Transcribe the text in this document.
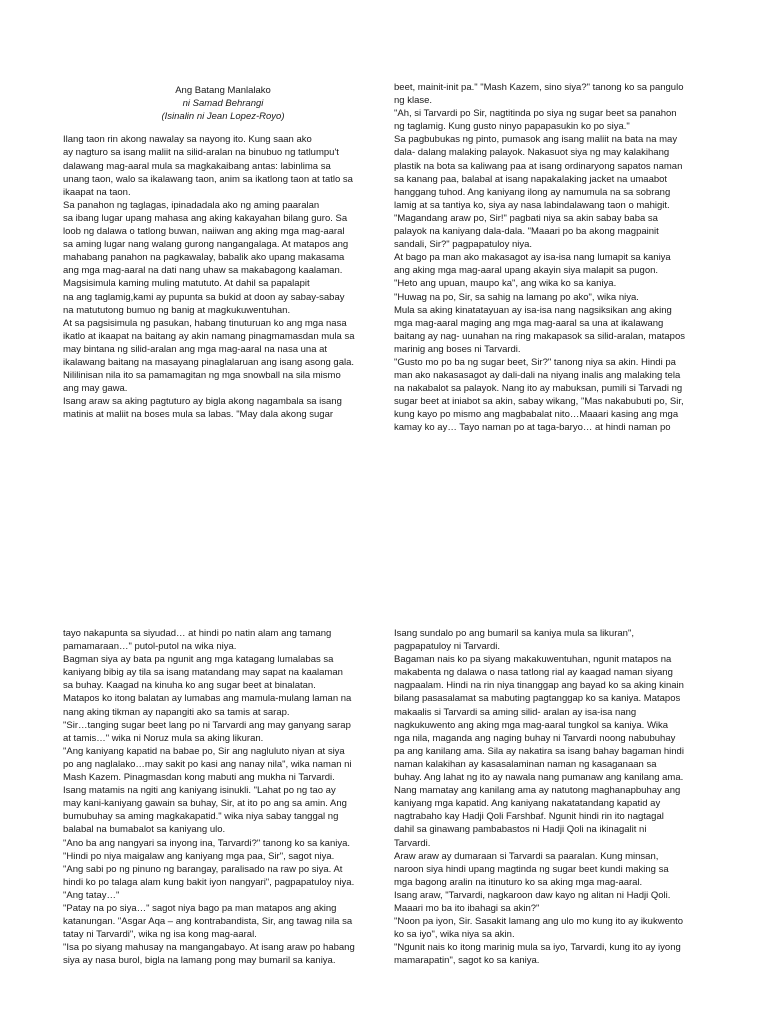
Ang Batang Manlalako
ni Samad Behrangi
(Isinalin ni Jean Lopez-Royo)

Ilang taon rin akong nawalay sa nayong ito. Kung saan ako

ay nagturo sa isang maliit na silid-aralan na binubuo ng tatlumpu't

dalawang mag-aaral mula sa magkakaibang antas: labinlima sa

unang taon, walo sa ikalawang taon, anim sa ikatlong taon at tatlo sa

ikaapat na taon.

Sa panahon ng taglagas, ipinadadala ako ng aming paaralan

sa ibang lugar upang mahasa ang aking kakayahan bilang guro. Sa

loob ng dalawa o tatlong buwan, naiiwan ang aking mga mag-aaral

sa aming lugar nang walang gurong nangangalaga. At matapos ang

mahabang panahon na pagkawalay, babalik ako upang makasama

ang mga mag-aaral na dati nang uhaw sa makabagong kaalaman.

Magsisimula kaming muling matututo. At dahil sa papalapit

na ang taglamig,kami ay pupunta sa bukid at doon ay sabay-sabay

na matututong bumuo ng banig at magkukuwentuhan.

At sa pagsisimula ng pasukan, habang tinuturuan ko ang mga nasa

ikatlo at ikaapat na baitang ay akin namang pinagmamasdan mula sa

may bintana ng silid-aralan ang mga mag-aaral na nasa una at

ikalawang baitang na masayang pinaglalaruan ang isang asong gala.

Nililinisan nila ito sa pamamagitan ng mga snowball na sila mismo

ang may gawa.

Isang araw sa aking pagtuturo ay bigla akong nagambala sa isang

matinis at maliit na boses mula sa labas. "May dala akong sugar

beet, mainit-init pa." "Mash Kazem, sino siya?" tanong ko sa pangulo

ng klase.

"Ah, si Tarvardi po Sir, nagtitinda po siya ng sugar beet sa panahon

ng taglamig. Kung gusto ninyo papapasukin ko po siya."

Sa pagbubukas ng pinto, pumasok ang isang maliit na bata na may

dala- dalang malaking palayok. Nakasuot siya ng may kalakihang

plastik na bota sa kaliwang paa at isang ordinaryong sapatos naman

sa kanang paa, balabal at isang napakalaking jacket na umaabot

hanggang tuhod. Ang kaniyang ilong ay namumula na sa sobrang

lamig at sa tantiya ko, siya ay nasa labindalawang taon o mahigit.

"Magandang araw po, Sir!" pagbati niya sa akin sabay baba sa

palayok na kaniyang dala-dala. "Maaari po ba akong magpainit

sandali, Sir?" pagpapatuloy niya.

At bago pa man ako makasagot ay isa-isa nang lumapit sa kaniya

ang aking mga mag-aaral upang akayin siya malapit sa pugon.

"Heto ang upuan, maupo ka", ang wika ko sa kaniya.

"Huwag na po, Sir, sa sahig na lamang po ako", wika niya.

Mula sa aking kinatatayuan ay isa-isa nang nagsiksikan ang aking

mga mag-aaral maging ang mga mag-aaral sa una at ikalawang

baitang ay nag- uunahan na ring makapasok sa silid-aralan, matapos

marinig ang boses ni Tarvardi.

"Gusto mo po ba ng sugar beet, Sir?" tanong niya sa akin. Hindi pa

man ako nakasasagot ay dali-dali na niyang inalis ang malaking tela

na nakabalot sa palayok. Nang ito ay mabuksan, pumili si Tarvadi ng

sugar beet at iniabot sa akin, sabay wikang, "Mas nakabubuti po, Sir,

kung kayo po mismo ang magbabalat nito…Maaari kasing ang mga

kamay ko ay… Tayo naman po at taga-baryo… at hindi naman po

tayo nakapunta sa siyudad… at hindi po natin alam ang tamang

pamamaraan…" putol-putol na wika niya.

Bagman siya ay bata pa ngunit ang mga katagang lumalabas sa

kaniyang bibig ay tila sa isang matandang may sapat na kaalaman

sa buhay. Kaagad na kinuha ko ang sugar beet at binalatan.

Matapos ko itong balatan ay lumabas ang mamula-mulang laman na

nang aking tikman ay napangiti ako sa tamis at sarap.

"Sir…tanging sugar beet lang po ni Tarvardi ang may ganyang sarap

at tamis…" wika ni Noruz mula sa aking likuran.

"Ang kaniyang kapatid na babae po, Sir ang nagluluto niyan at siya

po ang naglalako…may sakit po kasi ang nanay nila", wika naman ni

Mash Kazem. Pinagmasdan kong mabuti ang mukha ni Tarvardi.

Isang matamis na ngiti ang kaniyang isinukli. "Lahat po ng tao ay

may kani-kaniyang gawain sa buhay, Sir, at ito po ang sa amin. Ang

bumubuhay sa aming magkakapatid." wika niya sabay tanggal ng

balabal na bumabalot sa kaniyang ulo.

"Ano ba ang nangyari sa inyong ina, Tarvardi?" tanong ko sa kaniya.

"Hindi po niya maigalaw ang kaniyang mga paa, Sir", sagot niya.

"Ang sabi po ng pinuno ng barangay, paralisado na raw po siya. At

hindi ko po talaga alam kung bakit iyon nangyari", pagpapatuloy niya.

"Ang tatay…"

"Patay na po siya…" sagot niya bago pa man matapos ang aking

katanungan. "Asgar Aqa – ang kontrabandista, Sir, ang tawag nila sa

tatay ni Tarvardi", wika ng isa kong mag-aaral.

"Isa po siyang mahusay na mangangabayo. At isang araw po habang

siya ay nasa burol, bigla na lamang pong may bumaril sa kaniya.

Isang sundalo po ang bumaril sa kaniya mula sa likuran",

pagpapatuloy ni Tarvardi.

Bagaman nais ko pa siyang makakuwentuhan, ngunit matapos na

makabenta ng dalawa o nasa tatlong rial ay kaagad naman siyang

nagpaalam. Hindi na rin niya tinanggap ang bayad ko sa aking kinain

bilang pasasalamat sa mabuting pagtanggap ko sa kaniya. Matapos

makaalis si Tarvardi sa aming silid- aralan ay isa-isa nang

nagkukuwento ang aking mga mag-aaral tungkol sa kaniya. Wika

nga nila, maganda ang naging buhay ni Tarvardi noong nabubuhay

pa ang kanilang ama. Sila ay nakatira sa isang bahay bagaman hindi

naman kalakihan ay kasasalaminan naman ng kasaganaan sa

buhay. Ang lahat ng ito ay nawala nang pumanaw ang kanilang ama.

Nang mamatay ang kanilang ama ay natutong maghanapbuhay ang

kaniyang mga kapatid. Ang kaniyang nakatatandang kapatid ay

nagtrabaho kay Hadji Qoli Farshbaf. Ngunit hindi rin ito nagtagal

dahil sa ginawang pambabastos ni Hadji Qoli na ikinagalit ni

Tarvardi.

Araw araw ay dumaraan si Tarvardi sa paaralan. Kung minsan,

naroon siya hindi upang magtinda ng sugar beet kundi making sa

mga bagong aralin na itinuturo ko sa aking mga mag-aaral.

Isang araw, "Tarvardi, nagkaroon daw kayo ng alitan ni Hadji Qoli.

Maaari mo ba ito ibahagi sa akin?"

"Noon pa iyon, Sir. Sasakit lamang ang ulo mo kung ito ay ikukwento

ko sa iyo", wika niya sa akin.

"Ngunit nais ko itong marinig mula sa iyo, Tarvardi, kung ito ay iyong

mamarapatin", sagot ko sa kaniya.
